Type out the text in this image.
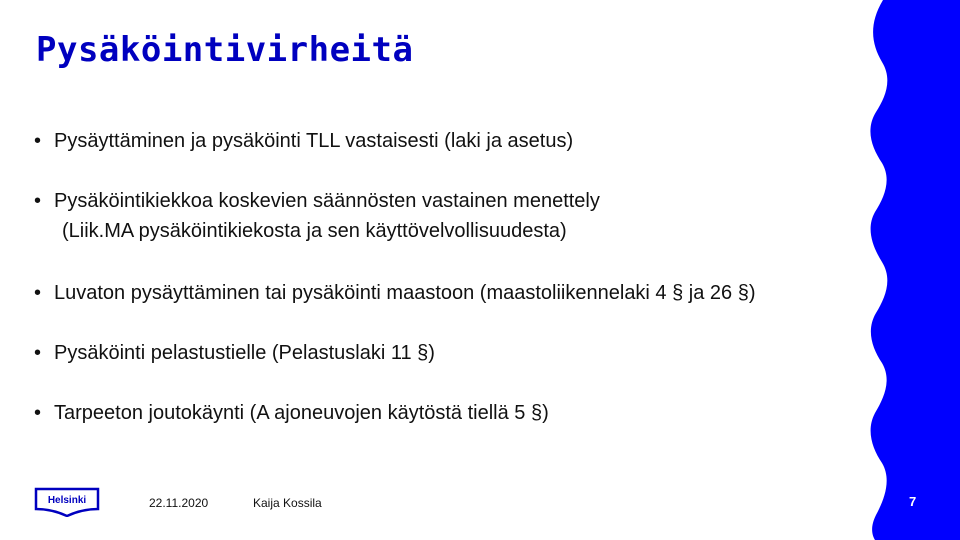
Pysäköintivirheitä
• Pysäyttäminen ja pysäköinti TLL vastaisesti (laki ja asetus)
• Pysäköintikiekkoa koskevien säännösten vastainen menettely
(Liik.MA pysäköintikiekosta ja sen käyttövelvollisuudesta)
• Luvaton pysäyttäminen tai pysäköinti maastoon (maastoliikennelaki 4 § ja 26 §)
• Pysäköinti pelastustielle (Pelastuslaki 11 §)
• Tarpeeton joutokäynti (A ajoneuvojen käytöstä tiellä 5 §)
Helsinki	22.11.2020	Kaija Kossila	7
